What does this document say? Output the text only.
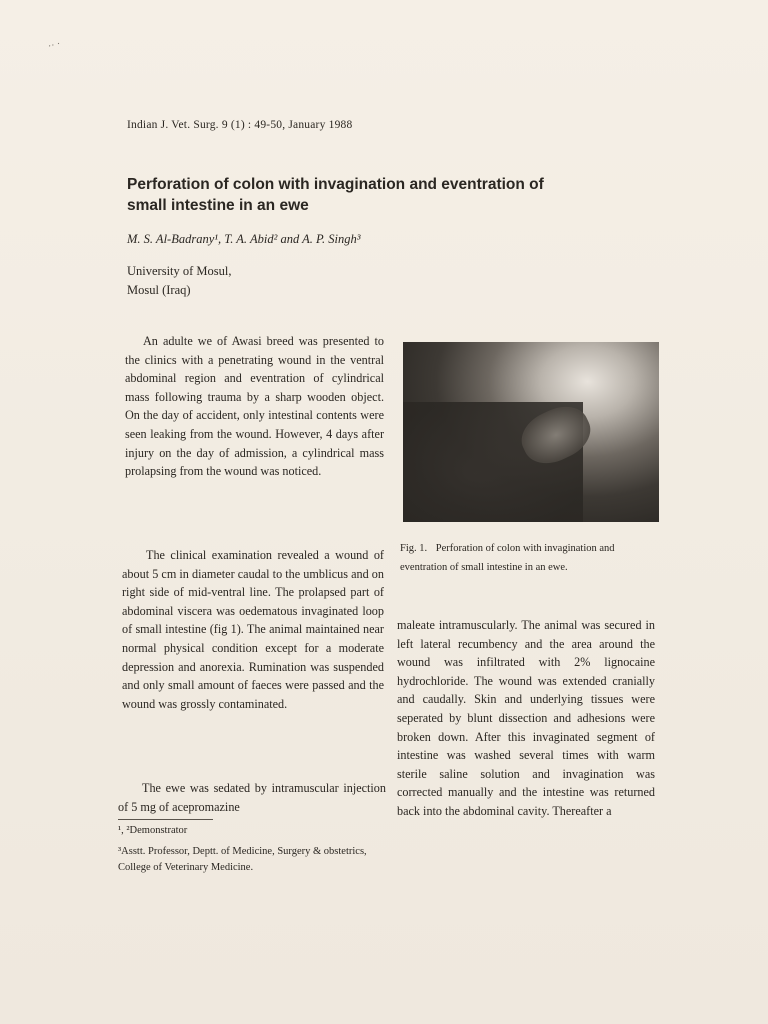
·· ·
Indian J. Vet. Surg. 9 (1) : 49-50, January 1988
Perforation of colon with invagination and eventration of small intestine in an ewe
M. S. Al-Badrany¹, T. A. Abid² and A. P. Singh³
University of Mosul,
Mosul (Iraq)

An adulte we of Awasi breed was presented to the clinics with a penetrating wound in the ventral abdominal region and eventration of cylindrical mass following trauma by a sharp wooden object. On the day of accident, only intestinal contents were seen leaking from the wound. However, 4 days after injury on the day of admission, a cylindrical mass prolapsing from the wound was noticed.

The clinical examination revealed a wound of about 5 cm in diameter caudal to the umblicus and on right side of mid-ventral line. The prolapsed part of abdominal viscera was oedematous invaginated loop of small intestine (fig 1). The animal maintained near normal physical condition except for a moderate depression and anorexia. Rumination was suspended and only small amount of faeces were passed and the wound was grossly contaminated.

The ewe was sedated by intramuscular injection of 5 mg of acepromazine

¹, ²Demonstrator
³Asstt. Professor, Deptt. of Medicine, Surgery & obstetrics, College of Veterinary Medicine.
Fig. 1. Perforation of colon with invagination and eventration of small intestine in an ewe.

maleate intramuscularly. The animal was secured in left lateral recumbency and the area around the wound was infiltrated with 2% lignocaine hydrochloride. The wound was extended cranially and caudally. Skin and underlying tissues were seperated by blunt dissection and adhesions were broken down. After this invaginated segment of intestine was washed several times with warm sterile saline solution and invagination was corrected manually and the intestine was returned back into the abdominal cavity. Thereafter a
